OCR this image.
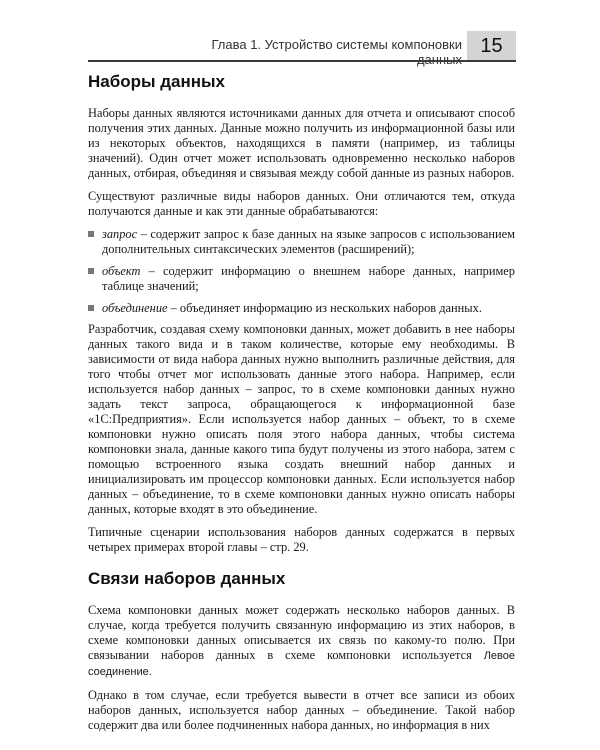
Глава 1. Устройство системы компоновки 15
Наборы данных

Наборы данных являются источниками данных для отчета и описывают способ получения этих данных. Данные можно получить из информационной базы или из некоторых объектов, находящихся в памяти (например, из таблицы значений). Один отчет может использовать одновременно несколько наборов данных, отбирая, объединяя и связывая между собой данные из разных наборов.

Существуют различные виды наборов данных. Они отличаются тем, откуда получаются данные и как эти данные обрабатываются:

запрос – содержит запрос к базе данных на языке запросов с использованием дополнительных синтаксических элементов (расширений);
объект – содержит информацию о внешнем наборе данных, например таблице значений;
объединение – объединяет информацию из нескольких наборов данных.

Разработчик, создавая схему компоновки данных, может добавить в нее наборы данных такого вида и в таком количестве, которые ему необходимы. В зависимости от вида набора данных нужно выполнить различные действия, для того чтобы отчет мог использовать данные этого набора. Например, если используется набор данных – запрос, то в схеме компоновки данных нужно задать текст запроса, обращающегося к информационной базе «1С:Предприятия». Если используется набор данных – объект, то в схеме компоновки нужно описать поля этого набора данных, чтобы система компоновки знала, данные какого типа будут получены из этого набора, затем с помощью встроенного языка создать внешний набор данных и инициализировать им процессор компоновки данных. Если используется набор данных – объединение, то в схеме компоновки данных нужно описать наборы данных, которые входят в это объединение.

Типичные сценарии использования наборов данных содержатся в первых четырех примерах второй главы – стр. 29.

Связи наборов данных

Схема компоновки данных может содержать несколько наборов данных. В случае, когда требуется получить связанную информацию из этих наборов, в схеме компоновки данных описывается их связь по какому-то полю. При связывании наборов данных в схеме компоновки используется Левое соединение.

Однако в том случае, если требуется вывести в отчет все записи из обоих наборов данных, используется набор данных – объединение. Такой набор содержит два или более подчиненных набора данных, но информация в них
